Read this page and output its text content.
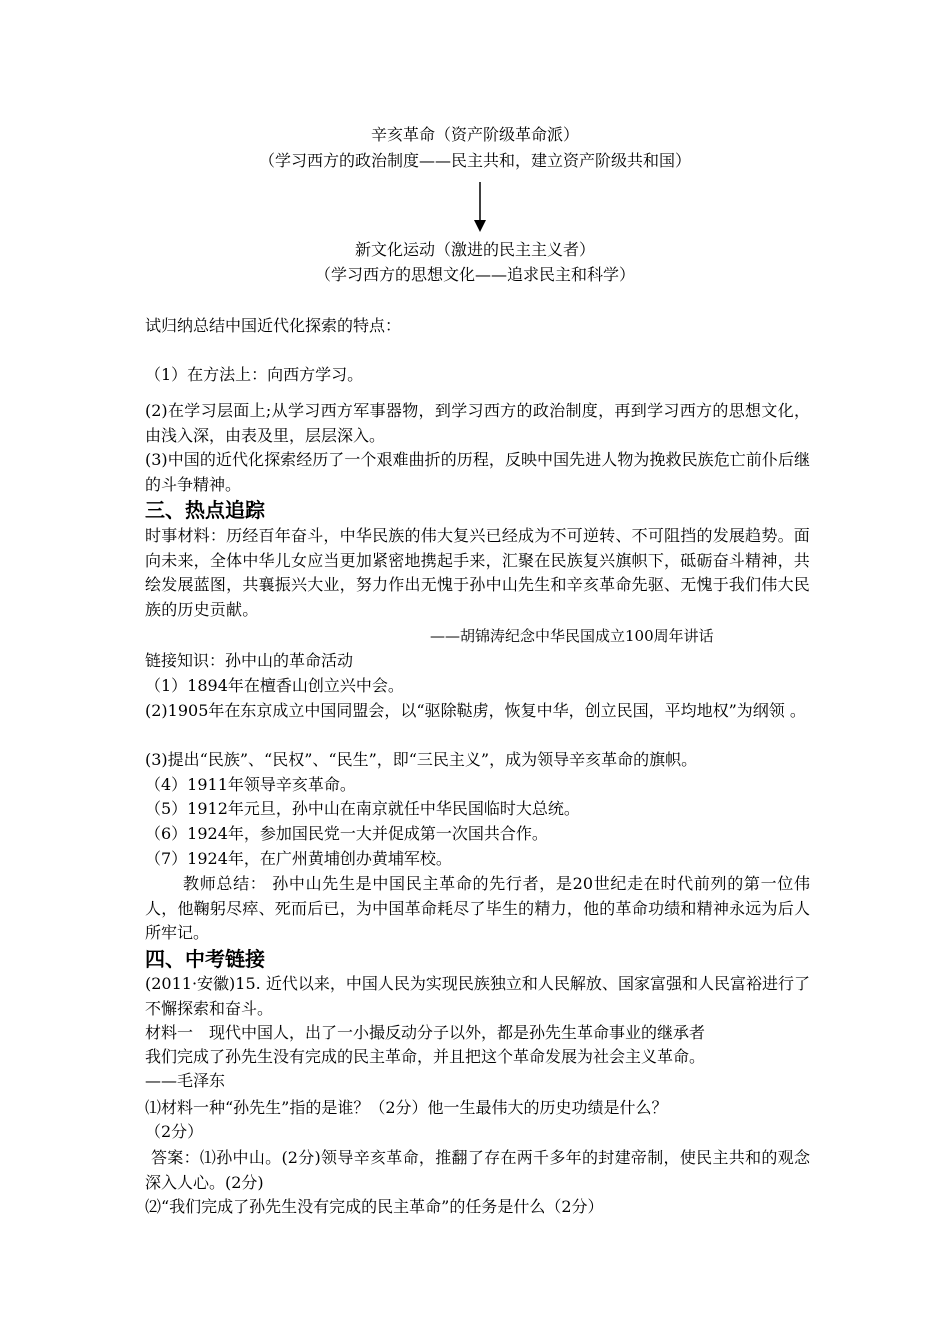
辛亥革命（资产阶级革命派）
（学习西方的政治制度——民主共和，建立资产阶级共和国）
新文化运动（激进的民主主义者）
（学习西方的思想文化——追求民主和科学）
试归纳总结中国近代化探索的特点：
（1）在方法上：向西方学习。
(2)在学习层面上;从学习西方军事器物，到学习西方的政治制度，再到学习西方的思想文化，由浅入深，由表及里，层层深入。
(3)中国的近代化探索经历了一个艰难曲折的历程，反映中国先进人物为挽救民族危亡前仆后继的斗争精神。
三、热点追踪
时事材料：历经百年奋斗，中华民族的伟大复兴已经成为不可逆转、不可阻挡的发展趋势。面向未来，全体中华儿女应当更加紧密地携起手来，汇聚在民族复兴旗帜下，砥砺奋斗精神，共绘发展蓝图，共襄振兴大业，努力作出无愧于孙中山先生和辛亥革命先驱、无愧于我们伟大民族的历史贡献。
——胡锦涛纪念中华民国成立100周年讲话
链接知识：孙中山的革命活动
（1）1894年在檀香山创立兴中会。
(2)1905年在东京成立中国同盟会，以“驱除鞑虏，恢复中华，创立民国，平均地权”为纲领 。
(3)提出“民族”、“民权”、“民生”，即“三民主义”，成为领导辛亥革命的旗帜。
（4）1911年领导辛亥革命。
（5）1912年元旦，孙中山在南京就任中华民国临时大总统。
（6）1924年，参加国民党一大并促成第一次国共合作。
（7）1924年，在广州黄埔创办黄埔军校。
教师总结： 孙中山先生是中国民主革命的先行者，是20世纪走在时代前列的第一位伟人，他鞠躬尽瘁、死而后已，为中国革命耗尽了毕生的精力，他的革命功绩和精神永远为后人所牢记。
四、中考链接
(2011·安徽)15. 近代以来，中国人民为实现民族独立和人民解放、国家富强和人民富裕进行了不懈探索和奋斗。
材料一　现代中国人，出了一小撮反动分子以外，都是孙先生革命事业的继承者
我们完成了孙先生没有完成的民主革命，并且把这个革命发展为社会主义革命。
——毛泽东
⑴材料一种“孙先生”指的是谁？（2分）他一生最伟大的历史功绩是什么？
（2分）
答案：⑴孙中山。(2分)领导辛亥革命，推翻了存在两千多年的封建帝制，使民主共和的观念深入人心。(2分)
⑵“我们完成了孙先生没有完成的民主革命”的任务是什么（2分）
